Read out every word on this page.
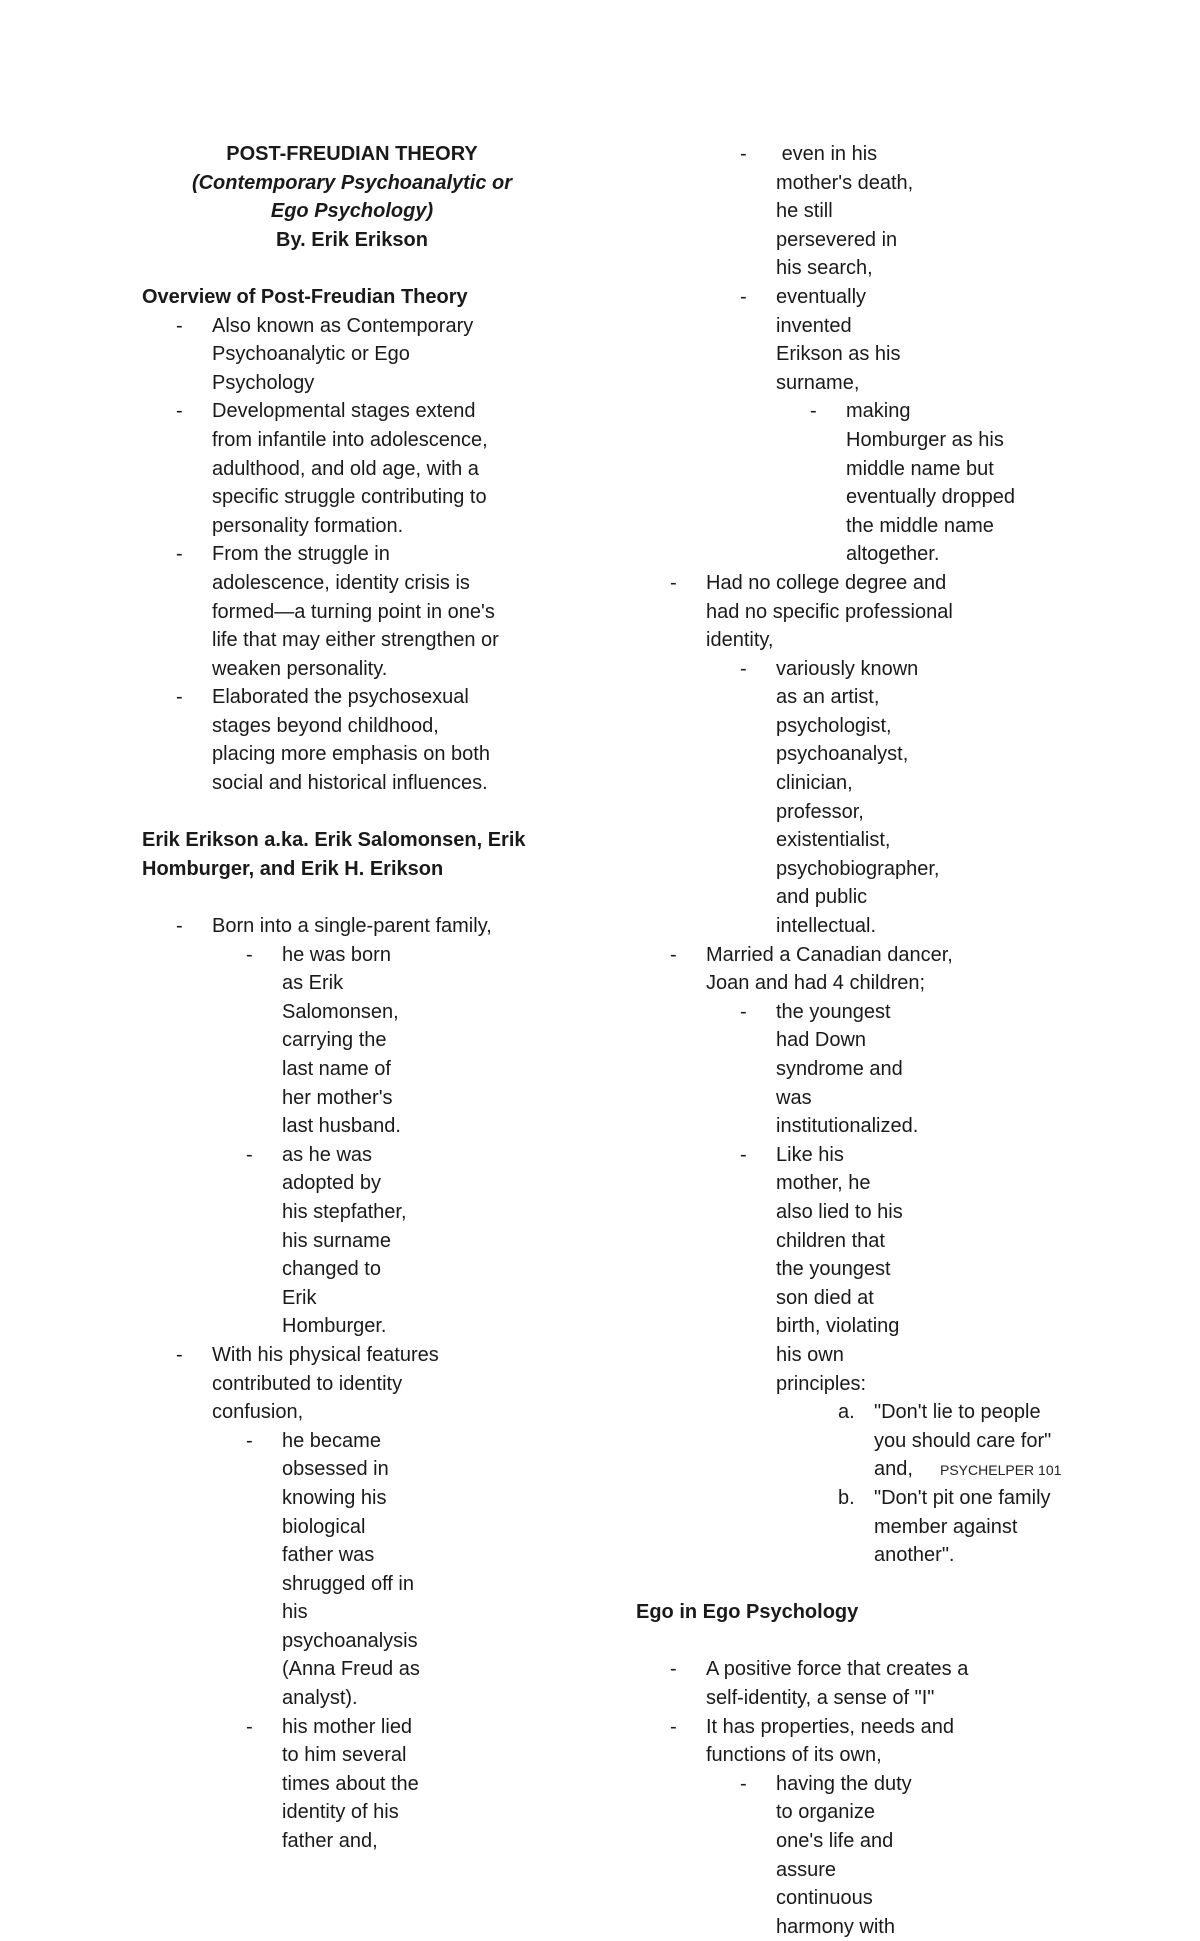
POST-FREUDIAN THEORY
(Contemporary Psychoanalytic or
Ego Psychology)
By. Erik Erikson
Overview of Post-Freudian Theory
- Also known as Contemporary Psychoanalytic or Ego Psychology
- Developmental stages extend from infantile into adolescence, adulthood, and old age, with a specific struggle contributing to personality formation.
- From the struggle in adolescence, identity crisis is formed—a turning point in one's life that may either strengthen or weaken personality.
- Elaborated the psychosexual stages beyond childhood, placing more emphasis on both social and historical influences.
Erik Erikson a.ka. Erik Salomonsen, Erik
Homburger, and Erik H. Erikson
- Born into a single-parent family,
- he was born as Erik Salomonsen, carrying the last name of her mother's last husband.
- as he was adopted by his stepfather, his surname changed to Erik Homburger.
- With his physical features contributed to identity confusion,
- he became obsessed in knowing his biological father was shrugged off in his psychoanalysis (Anna Freud as analyst).
- his mother lied to him several times about the identity of his father and,
- even in his mother's death, he still persevered in his search,
- eventually invented Erikson as his surname,
- making Homburger as his middle name but eventually dropped the middle name altogether.
- Had no college degree and had no specific professional identity,
- variously known as an artist, psychologist, psychoanalyst, clinician, professor, existentialist, psychobiographer, and public intellectual.
- Married a Canadian dancer, Joan and had 4 children;
- the youngest had Down syndrome and was institutionalized.
- Like his mother, he also lied to his children that the youngest son died at birth, violating his own principles:
a. "Don't lie to people you should care for" and,
b. "Don't pit one family member against another".
Ego in Ego Psychology
- A positive force that creates a self-identity, a sense of "I"
- It has properties, needs and functions of its own,
- having the duty to organize one's life and assure continuous harmony with
PSYCHELPER 101
